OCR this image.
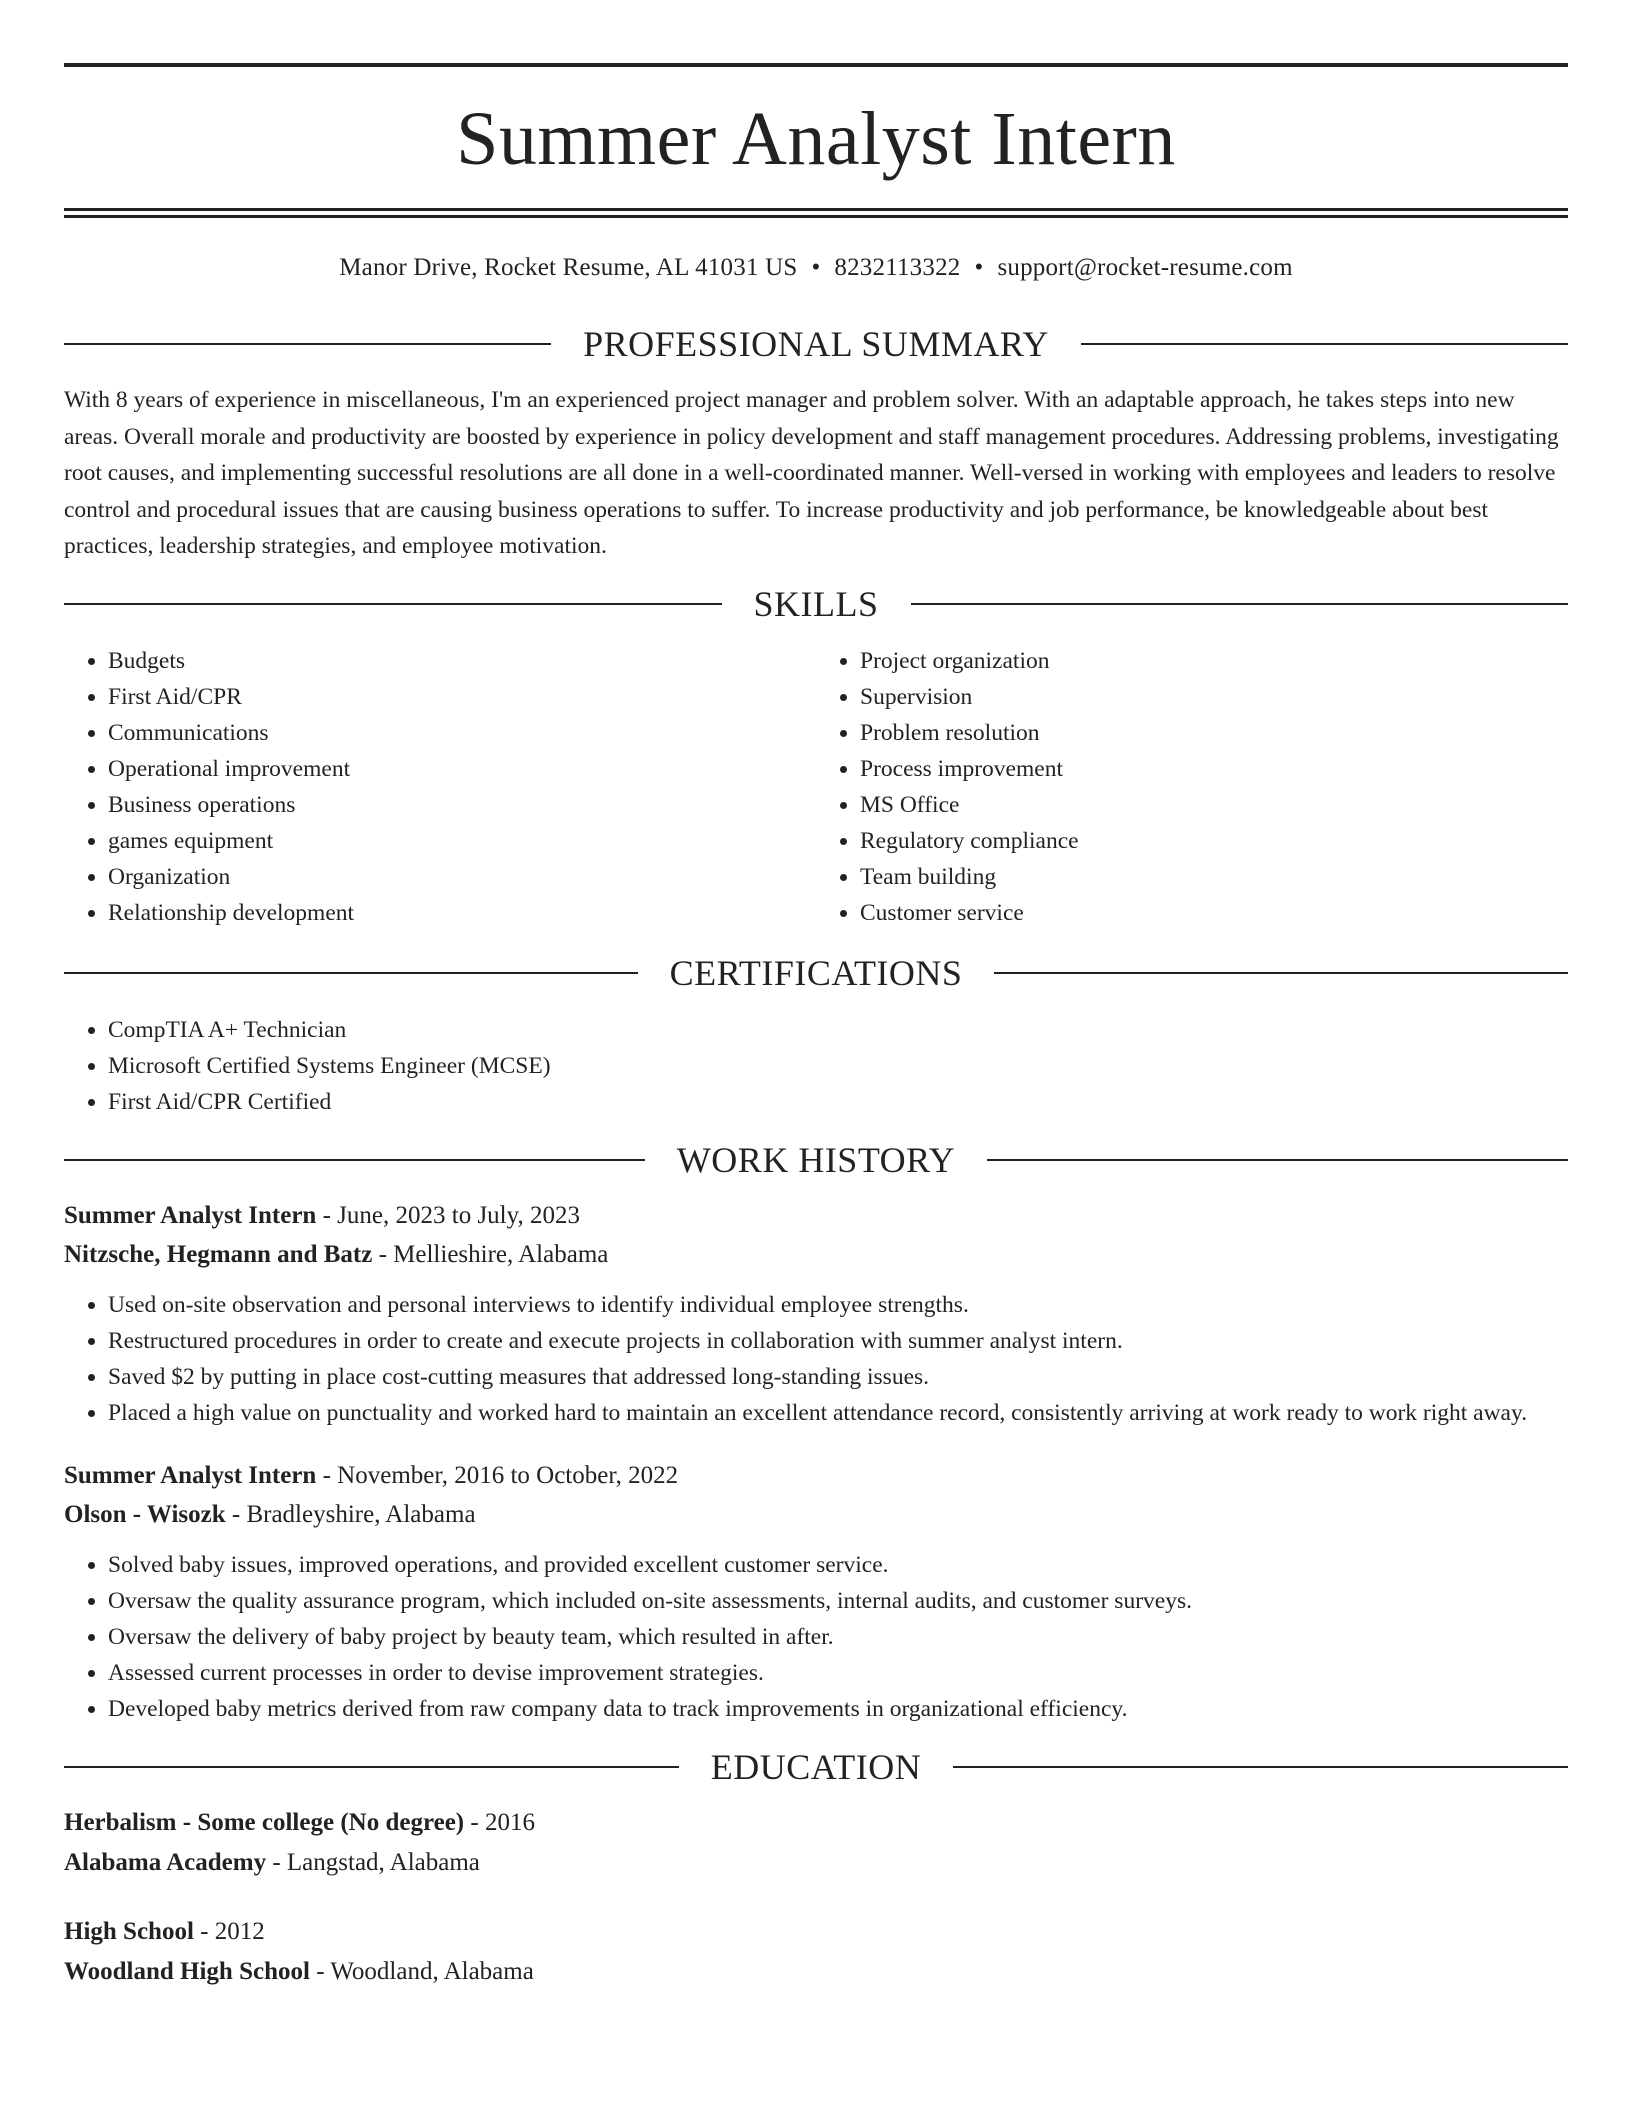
Summer Analyst Intern
Manor Drive, Rocket Resume, AL 41031 US • 8232113322 • support@rocket-resume.com
PROFESSIONAL SUMMARY

With 8 years of experience in miscellaneous, I'm an experienced project manager and problem solver. With an adaptable approach, he takes steps into new areas. Overall morale and productivity are boosted by experience in policy development and staff management procedures. Addressing problems, investigating root causes, and implementing successful resolutions are all done in a well-coordinated manner. Well-versed in working with employees and leaders to resolve control and procedural issues that are causing business operations to suffer. To increase productivity and job performance, be knowledgeable about best practices, leadership strategies, and employee motivation.

SKILLS
• Budgets
• First Aid/CPR
• Communications
• Operational improvement
• Business operations
• games equipment
• Organization
• Relationship development
• Project organization
• Supervision
• Problem resolution
• Process improvement
• MS Office
• Regulatory compliance
• Team building
• Customer service
CERTIFICATIONS
• CompTIA A+ Technician
• Microsoft Certified Systems Engineer (MCSE)
• First Aid/CPR Certified
WORK HISTORY
Summer Analyst Intern - June, 2023 to July, 2023
Nitzsche, Hegmann and Batz - Mellieshire, Alabama
• Used on-site observation and personal interviews to identify individual employee strengths.
• Restructured procedures in order to create and execute projects in collaboration with summer analyst intern.
• Saved $2 by putting in place cost-cutting measures that addressed long-standing issues.
• Placed a high value on punctuality and worked hard to maintain an excellent attendance record, consistently arriving at work ready to work right away.
Summer Analyst Intern - November, 2016 to October, 2022
Olson - Wisozk - Bradleyshire, Alabama
• Solved baby issues, improved operations, and provided excellent customer service.
• Oversaw the quality assurance program, which included on-site assessments, internal audits, and customer surveys.
• Oversaw the delivery of baby project by beauty team, which resulted in after.
• Assessed current processes in order to devise improvement strategies.
• Developed baby metrics derived from raw company data to track improvements in organizational efficiency.
EDUCATION
Herbalism - Some college (No degree) - 2016
Alabama Academy - Langstad, Alabama
High School - 2012
Woodland High School - Woodland, Alabama
